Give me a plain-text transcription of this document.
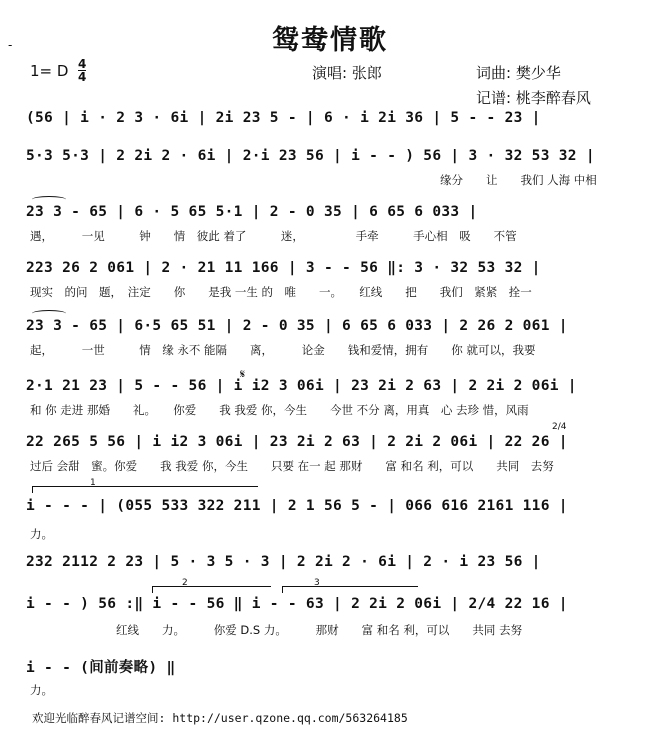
-	鸳鸯情歌
1= D 4
4	演唱: 张郎	词曲: 樊少华
记谱: 桃李醉春风
(56 | i · 2 3 · 6i | 2i 23 5 - | 6 · i 2i 36 | 5 - - 23 |
5·3 5·3 | 2 2i 2 · 6i | 2·i 23 56 | i - - ) 56 | 3 · 32 53 32 |
缘分　　让　　我们 人海 中相
23 3 - 65 | 6 · 5 65 5·1 | 2 - 0 35 | 6 65 6 033 |
遇，　　　一见　　　钟　　情　彼此 着了　　　迷，　　　　　手牵　　　手心相　吸　　不管
223 26 2 061 | 2 · 21 11 166 | 3 - - 56 ‖: 3 · 32 53 32 |
现实　的问　题，　注定　　你　　是我 一生 的　唯　　一。　　红线　　把　　我们　紧紧　拴一
23 3 - 65 | 6·5 65 51 | 2 - 0 35 | 6 65 6 033 | 2 26 2 061 |
起，　　　一世　　　情　缘 永不 能隔　　离，　　　论金　　钱和爱情，拥有　　你 就可以，我要
𝄋
2·1 21 23 | 5 - - 56 | i i2 3 06i | 23 2i 2 63 | 2 2i 2 06i |
和 你 走进 那婚　　礼。　　你爱　　我 我爱 你，今生　　今世 不分 离，用真　心 去珍 惜，风雨
2/4
22 265 5 56 | i i2 3 06i | 23 2i 2 63 | 2 2i 2 06i | 22 26 |
过后 会甜　蜜。你爱　　我 我爱 你，今生　　只要 在一 起 那财　　富 和名 利，可以　　共同　去努
1
i - - - | (055 533 322 211 | 2 1 56 5 - | 066 616 2161 116 |
力。
232 2112 2 23 | 5 · 3 5 · 3 | 2 2i 2 · 6i | 2 · i 23 56 |
2	3
i - - ) 56 :‖ i - - 56 ‖ i - - 63 | 2 2i 2 06i | 2/4 22 16 |
红线　　力。　　　你爱 D.S 力。　　　那财　　富 和名 利，可以　　共同 去努
i - - (间前奏略) ‖
力。
欢迎光临醉春风记谱空间: http://user.qzone.qq.com/563264185
